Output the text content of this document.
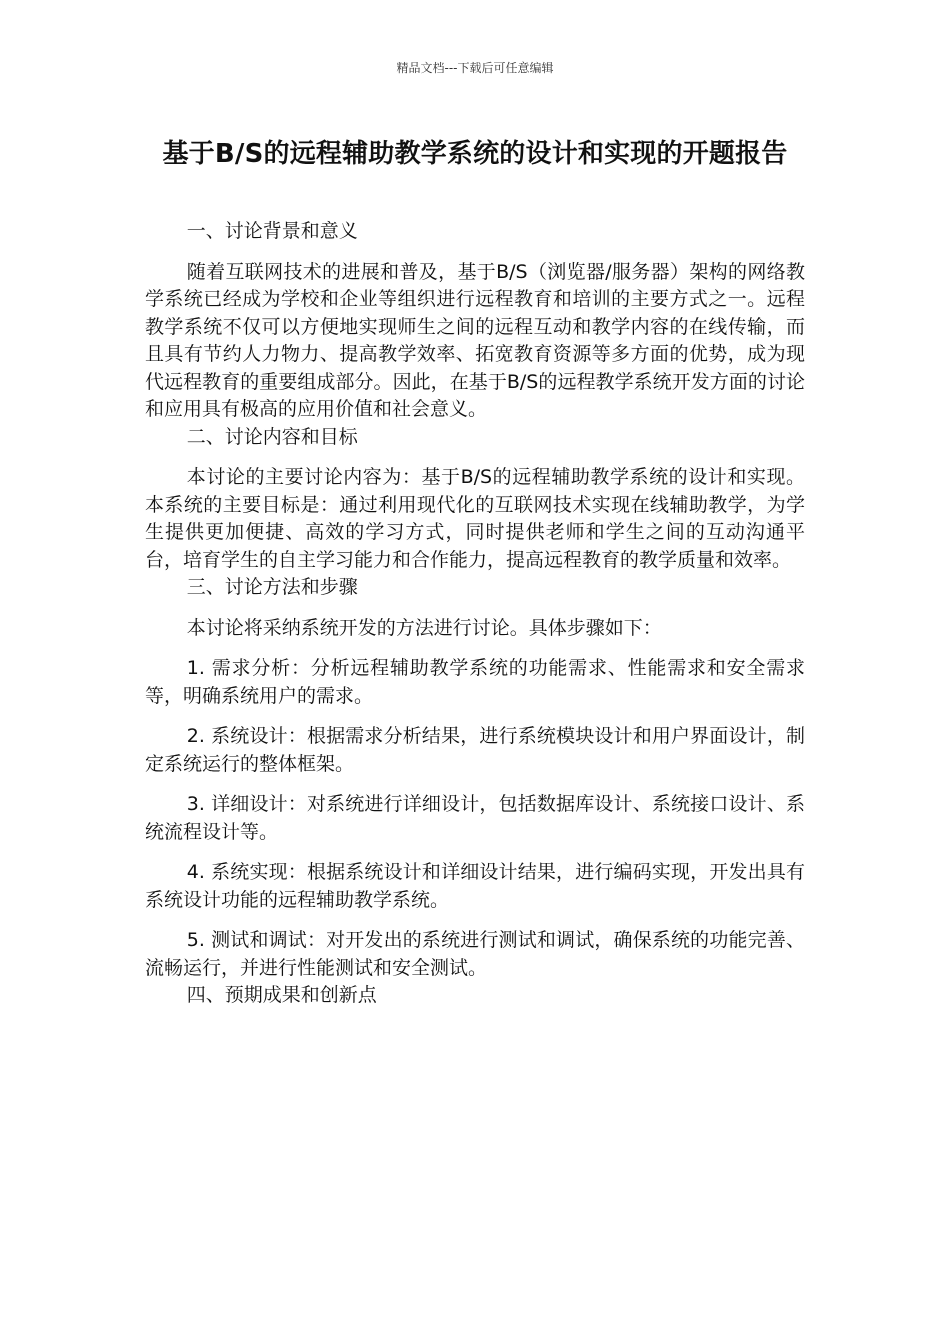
精品文档---下载后可任意编辑
基于B/S的远程辅助教学系统的设计和实现的开题报告

一、讨论背景和意义

随着互联网技术的进展和普及，基于B/S（浏览器/服务器）架构的网络教学系统已经成为学校和企业等组织进行远程教育和培训的主要方式之一。远程教学系统不仅可以方便地实现师生之间的远程互动和教学内容的在线传输，而且具有节约人力物力、提高教学效率、拓宽教育资源等多方面的优势，成为现代远程教育的重要组成部分。因此，在基于B/S的远程教学系统开发方面的讨论和应用具有极高的应用价值和社会意义。

二、讨论内容和目标

本讨论的主要讨论内容为：基于B/S的远程辅助教学系统的设计和实现。本系统的主要目标是：通过利用现代化的互联网技术实现在线辅助教学，为学生提供更加便捷、高效的学习方式，同时提供老师和学生之间的互动沟通平台，培育学生的自主学习能力和合作能力，提高远程教育的教学质量和效率。

三、讨论方法和步骤

本讨论将采纳系统开发的方法进行讨论。具体步骤如下：

1. 需求分析：分析远程辅助教学系统的功能需求、性能需求和安全需求等，明确系统用户的需求。

2. 系统设计：根据需求分析结果，进行系统模块设计和用户界面设计，制定系统运行的整体框架。

3. 详细设计：对系统进行详细设计，包括数据库设计、系统接口设计、系统流程设计等。

4. 系统实现：根据系统设计和详细设计结果，进行编码实现，开发出具有系统设计功能的远程辅助教学系统。

5. 测试和调试：对开发出的系统进行测试和调试，确保系统的功能完善、流畅运行，并进行性能测试和安全测试。

四、预期成果和创新点
